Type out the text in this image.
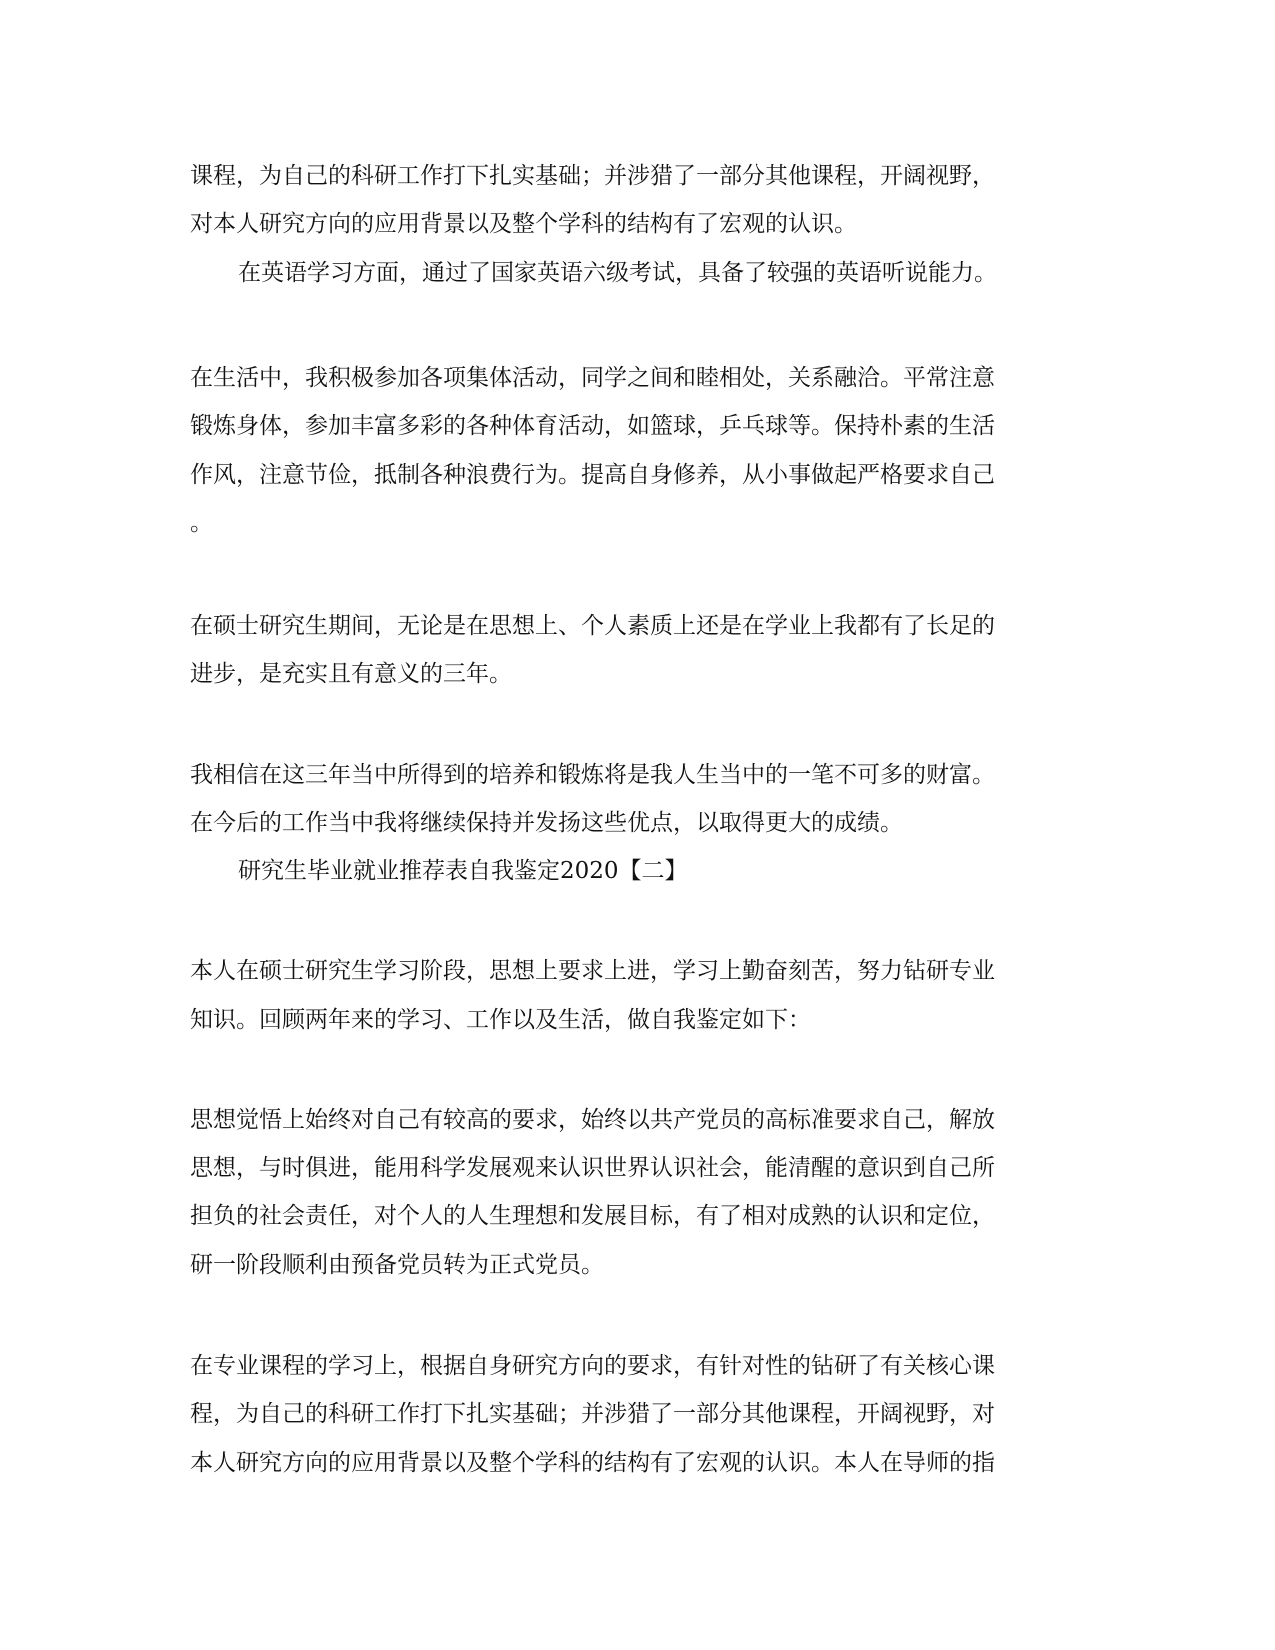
课程，为自己的科研工作打下扎实基础；并涉猎了一部分其他课程，开阔视野，
对本人研究方向的应用背景以及整个学科的结构有了宏观的认识。
在英语学习方面，通过了国家英语六级考试，具备了较强的英语听说能力。
在生活中，我积极参加各项集体活动，同学之间和睦相处，关系融洽。平常注意
锻炼身体，参加丰富多彩的各种体育活动，如篮球，乒乓球等。保持朴素的生活
作风，注意节俭，抵制各种浪费行为。提高自身修养，从小事做起严格要求自己
。
在硕士研究生期间，无论是在思想上、个人素质上还是在学业上我都有了长足的
进步，是充实且有意义的三年。
我相信在这三年当中所得到的培养和锻炼将是我人生当中的一笔不可多的财富。
在今后的工作当中我将继续保持并发扬这些优点，以取得更大的成绩。
研究生毕业就业推荐表自我鉴定2020【二】
本人在硕士研究生学习阶段，思想上要求上进，学习上勤奋刻苦，努力钻研专业
知识。回顾两年来的学习、工作以及生活，做自我鉴定如下：
思想觉悟上始终对自己有较高的要求，始终以共产党员的高标准要求自己，解放
思想，与时俱进，能用科学发展观来认识世界认识社会，能清醒的意识到自己所
担负的社会责任，对个人的人生理想和发展目标，有了相对成熟的认识和定位，
研一阶段顺利由预备党员转为正式党员。
在专业课程的学习上，根据自身研究方向的要求，有针对性的钻研了有关核心课
程，为自己的科研工作打下扎实基础；并涉猎了一部分其他课程，开阔视野，对
本人研究方向的应用背景以及整个学科的结构有了宏观的认识。本人在导师的指
